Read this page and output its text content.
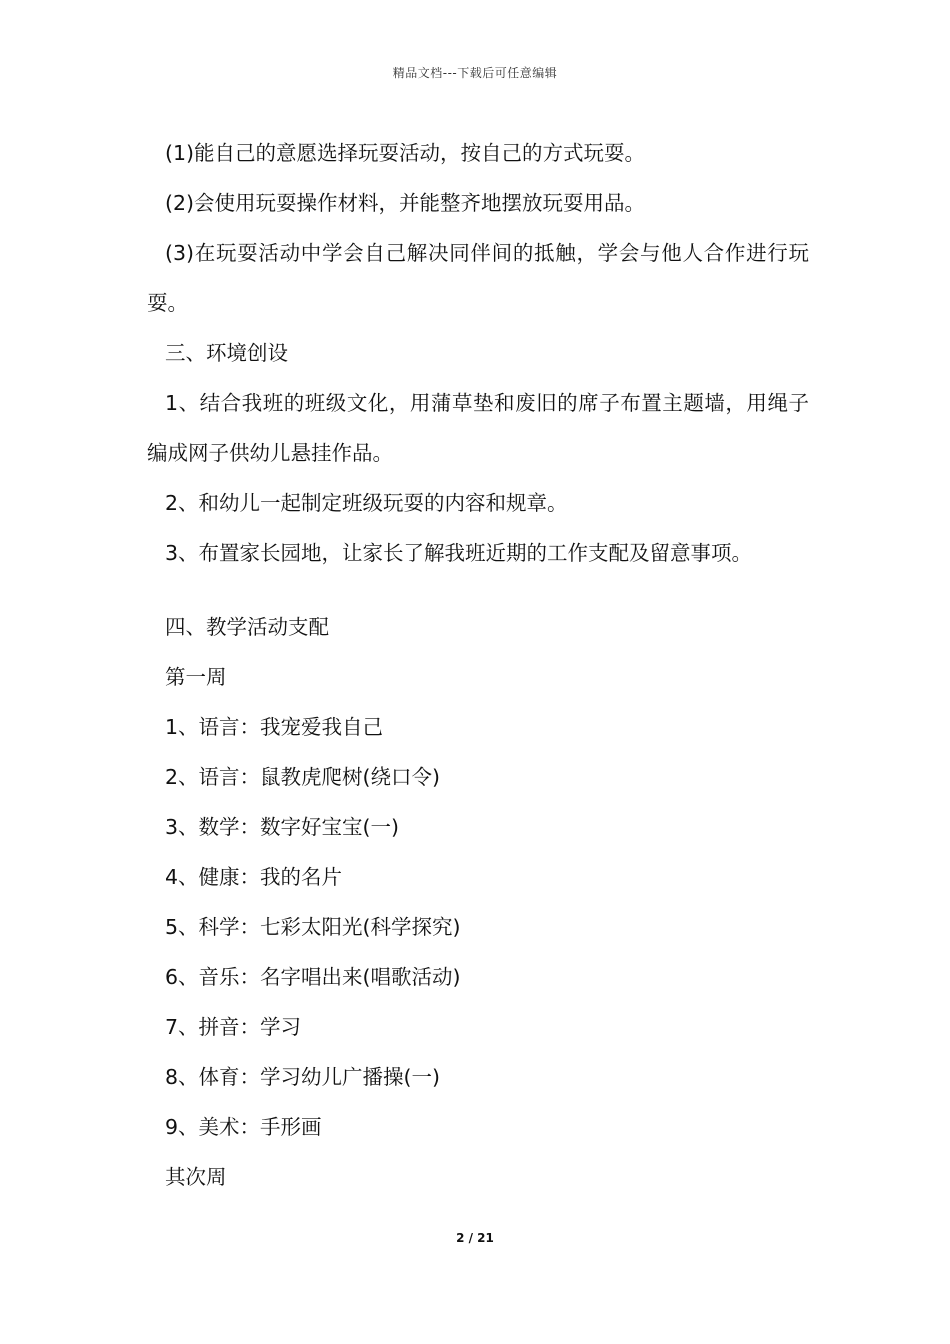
精品文档---下载后可任意编辑

(1)能自己的意愿选择玩耍活动，按自己的方式玩耍。

(2)会使用玩耍操作材料，并能整齐地摆放玩耍用品。

(3)在玩耍活动中学会自己解决同伴间的抵触，学会与他人合作进行玩耍。

三、环境创设

1、结合我班的班级文化，用蒲草垫和废旧的席子布置主题墙，用绳子编成网子供幼儿悬挂作品。

2、和幼儿一起制定班级玩耍的内容和规章。

3、布置家长园地，让家长了解我班近期的工作支配及留意事项。

四、教学活动支配

第一周

1、语言：我宠爱我自己

2、语言：鼠教虎爬树(绕口令)

3、数学：数字好宝宝(一)

4、健康：我的名片

5、科学：七彩太阳光(科学探究)

6、音乐：名字唱出来(唱歌活动)

7、拼音：学习

8、体育：学习幼儿广播操(一)

9、美术：手形画

其次周

2 / 21
